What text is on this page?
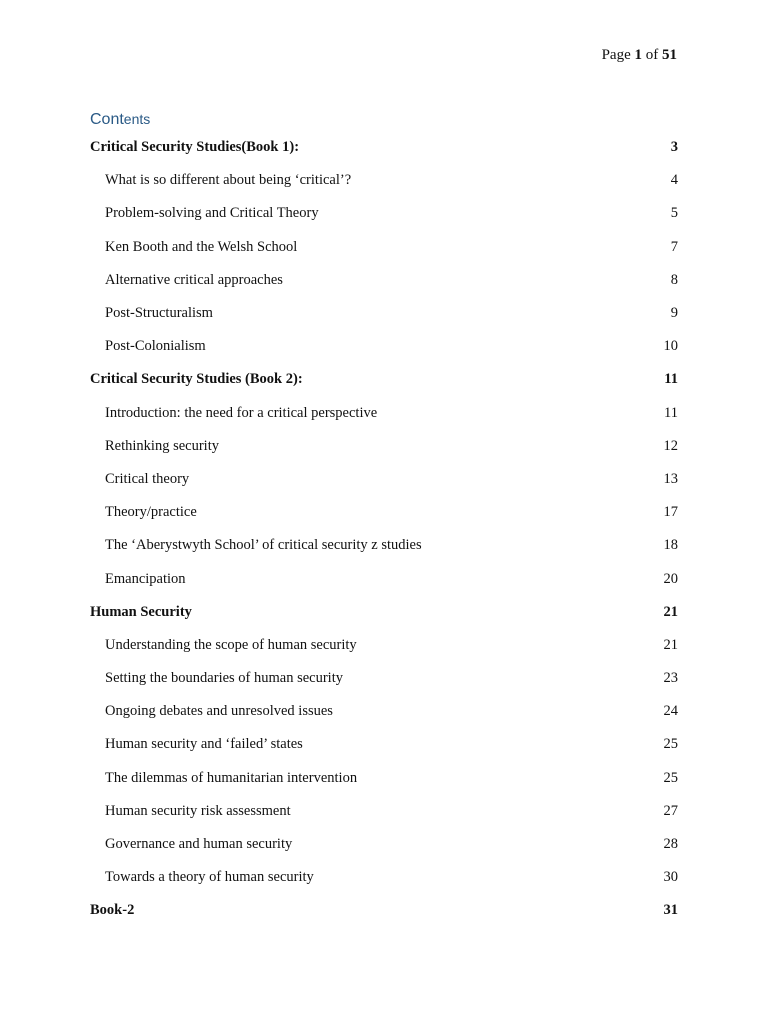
Page 1 of 51
Contents
Critical Security Studies(Book 1):	3
What is so different about being ‘critical’?	4
Problem-solving and Critical Theory	5
Ken Booth and the Welsh School	7
Alternative critical approaches	8
Post-Structuralism	9
Post-Colonialism	10
Critical Security Studies (Book 2):	11
Introduction: the need for a critical perspective	11
Rethinking security	12
Critical theory	13
Theory/practice	17
The ‘Aberystwyth School’ of critical security z studies	18
Emancipation	20
Human Security	21
Understanding the scope of human security	21
Setting the boundaries of human security	23
Ongoing debates and unresolved issues	24
Human security and ‘failed’ states	25
The dilemmas of humanitarian intervention	25
Human security risk assessment	27
Governance and human security	28
Towards a theory of human security	30
Book-2	31
